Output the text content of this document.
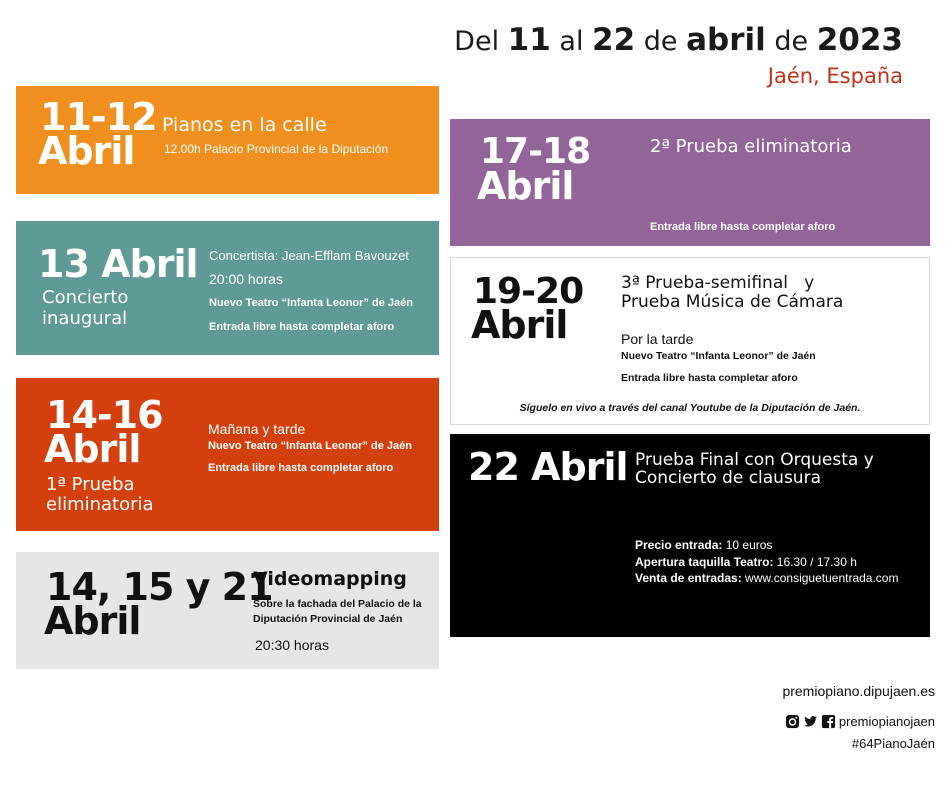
Del 11 al 22 de abril de 2023
Jaén, España
11-12
Abril
Pianos en la calle
12.00h Palacio Provincial de la Diputación
13 Abril
Concierto
inaugural
Concertista: Jean-Efflam Bavouzet
20:00 horas
Nuevo Teatro “Infanta Leonor” de Jaén
Entrada libre hasta completar aforo
14-16
Abril
1ª Prueba
eliminatoria
Mañana y tarde
Nuevo Teatro “Infanta Leonor” de Jaén
Entrada libre hasta completar aforo
14, 15 y 21
Abril
Videomapping
Sobre la fachada del Palacio de la
Diputación Provincial de Jaén
20:30 horas
17-18
Abril
2ª Prueba eliminatoria
Entrada libre hasta completar aforo
19-20
Abril
3ª Prueba-semifinal   y
Prueba Música de Cámara
Por la tarde
Nuevo Teatro “Infanta Leonor” de Jaén
Entrada libre hasta completar aforo
Síguelo en vivo a través del canal Youtube de la Diputación de Jaén.
22 Abril Prueba Final con Orquesta y
Concierto de clausura
Precio entrada: 10 euros
Apertura taquilla Teatro: 16.30 / 17.30 h
Venta de entradas: www.consiguetuentrada.com
premiopiano.dipujaen.es
premiopianojaen
#64PianoJaén
